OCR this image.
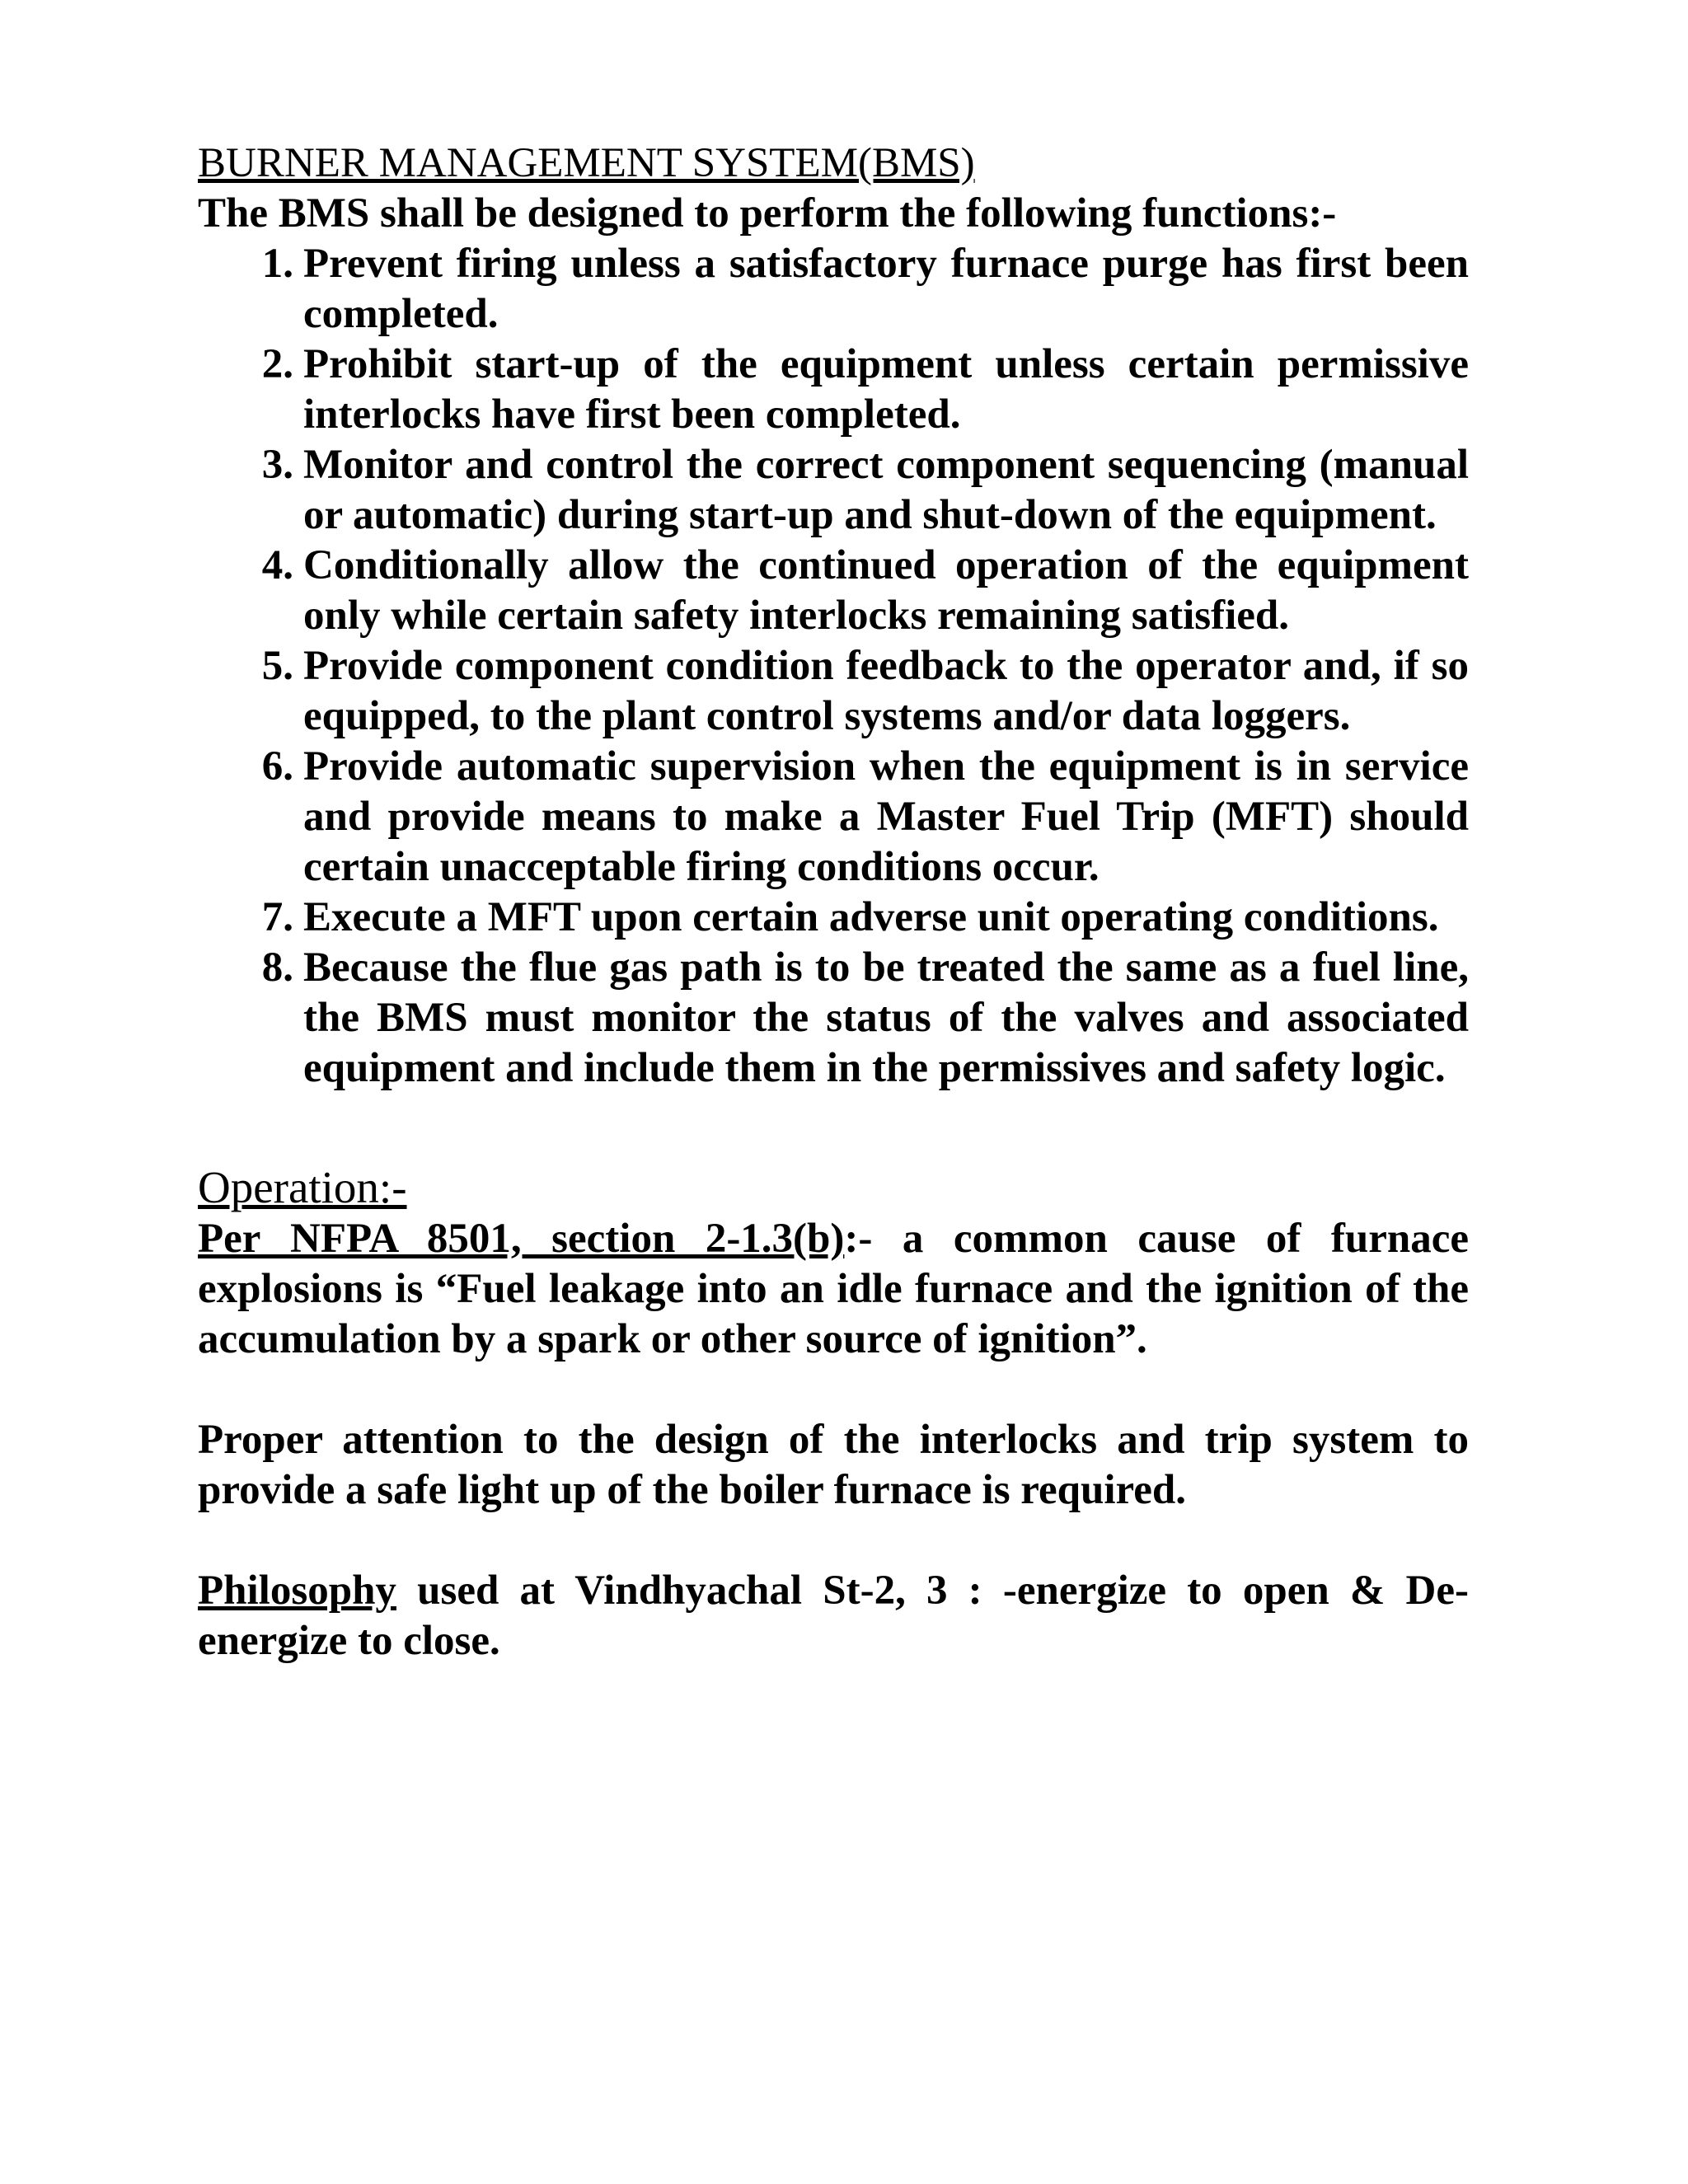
BURNER MANAGEMENT SYSTEM(BMS)

The BMS shall be designed to perform the following functions:-

1. Prevent firing unless a satisfactory furnace purge has first been completed.
2. Prohibit start-up of the equipment unless certain permissive interlocks have first been completed.
3. Monitor and control the correct component sequencing (manual or automatic) during start-up and shut-down of the equipment.
4. Conditionally allow the continued operation of the equipment only while certain safety interlocks remaining satisfied.
5. Provide component condition feedback to the operator and, if so equipped, to the plant control systems and/or data loggers.
6. Provide automatic supervision when the equipment is in service and provide means to make a Master Fuel Trip (MFT) should certain unacceptable firing conditions occur.
7. Execute a MFT upon certain adverse unit operating conditions.
8. Because the flue gas path is to be treated the same as a fuel line, the BMS must monitor the status of the valves and associated equipment and include them in the permissives and safety logic.

Operation:-

Per NFPA 8501, section 2-1.3(b):- a common cause of furnace explosions is “Fuel leakage into an idle furnace and the ignition of the accumulation by a spark or other source of ignition”.

Proper attention to the design of the interlocks and trip system to provide a safe light up of the boiler furnace is required.

Philosophy used at Vindhyachal St-2, 3 : -energize to open & De-energize to close.
